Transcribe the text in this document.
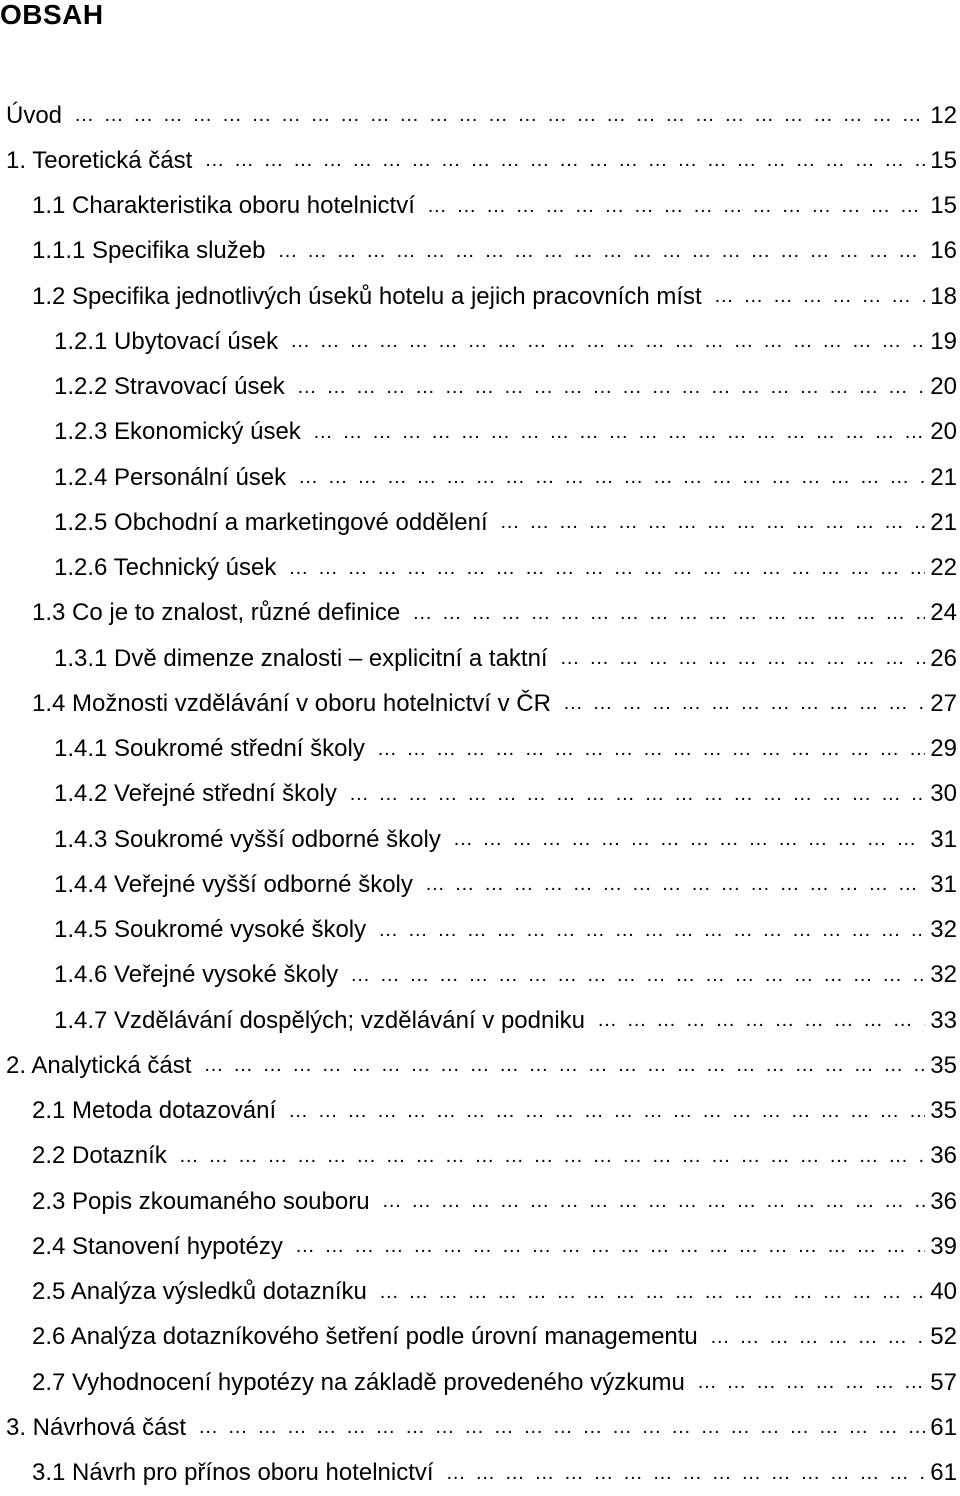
OBSAH
Úvod … … … … … … … … … … … … … … … … … … … … … … … … … … … … … … … … … … … … … … … …	12
1. Teoretická část … … … … … … … … … … … … … … … … … … … … … … … … … … … … … … … … … … … … … … … …	15
1.1 Charakteristika oboru hotelnictví … … … … … … … … … … … … … … … … … … … … … … … … … … … … … … … … … … … … … … … …	15
1.1.1 Specifika služeb … … … … … … … … … … … … … … … … … … … … … … … … … … … … … … … … … … … … … … … …	16
1.2 Specifika jednotlivých úseků hotelu a jejich pracovních míst … … … … … … … … … … … … … … … … … … … … … … … … … … … … … … … … … … … … … … … …	18
1.2.1 Ubytovací úsek … … … … … … … … … … … … … … … … … … … … … … … … … … … … … … … … … … … … … … … …	19
1.2.2 Stravovací úsek … … … … … … … … … … … … … … … … … … … … … … … … … … … … … … … … … … … … … … … …	20
1.2.3 Ekonomický úsek … … … … … … … … … … … … … … … … … … … … … … … … … … … … … … … … … … … … … … … …	20
1.2.4 Personální úsek … … … … … … … … … … … … … … … … … … … … … … … … … … … … … … … … … … … … … … … …	21
1.2.5 Obchodní a marketingové oddělení … … … … … … … … … … … … … … … … … … … … … … … … … … … … … … … … … … … … … … … …	21
1.2.6 Technický úsek … … … … … … … … … … … … … … … … … … … … … … … … … … … … … … … … … … … … … … … …	22
1.3 Co je to znalost, různé definice … … … … … … … … … … … … … … … … … … … … … … … … … … … … … … … … … … … … … … … …	24
1.3.1 Dvě dimenze znalosti – explicitní a taktní … … … … … … … … … … … … … … … … … … … … … … … … … … … … … … … … … … … … … … … …	26
1.4 Možnosti vzdělávání v oboru hotelnictví v ČR … … … … … … … … … … … … … … … … … … … … … … … … … … … … … … … … … … … … … … … …	27
1.4.1 Soukromé střední školy … … … … … … … … … … … … … … … … … … … … … … … … … … … … … … … … … … … … … … … …	29
1.4.2 Veřejné střední školy … … … … … … … … … … … … … … … … … … … … … … … … … … … … … … … … … … … … … … … …	30
1.4.3 Soukromé vyšší odborné školy … … … … … … … … … … … … … … … … … … … … … … … … … … … … … … … … … … … … … … … …	31
1.4.4 Veřejné vyšší odborné školy … … … … … … … … … … … … … … … … … … … … … … … … … … … … … … … … … … … … … … … …	31
1.4.5 Soukromé vysoké školy … … … … … … … … … … … … … … … … … … … … … … … … … … … … … … … … … … … … … … … …	32
1.4.6 Veřejné vysoké školy … … … … … … … … … … … … … … … … … … … … … … … … … … … … … … … … … … … … … … … …	32
1.4.7 Vzdělávání dospělých; vzdělávání v podniku … … … … … … … … … … … … … … … … … … … … … … … … … … … … … … … … … … … … … … … …	33
2. Analytická část … … … … … … … … … … … … … … … … … … … … … … … … … … … … … … … … … … … … … … … …	35
2.1 Metoda dotazování … … … … … … … … … … … … … … … … … … … … … … … … … … … … … … … … … … … … … … … …	35
2.2 Dotazník … … … … … … … … … … … … … … … … … … … … … … … … … … … … … … … … … … … … … … … …	36
2.3 Popis zkoumaného souboru … … … … … … … … … … … … … … … … … … … … … … … … … … … … … … … … … … … … … … … …	36
2.4 Stanovení hypotézy … … … … … … … … … … … … … … … … … … … … … … … … … … … … … … … … … … … … … … … …	39
2.5 Analýza výsledků dotazníku … … … … … … … … … … … … … … … … … … … … … … … … … … … … … … … … … … … … … … … …	40
2.6 Analýza dotazníkového šetření podle úrovní managementu … … … … … … … … … … … … … … … … … … … … … … … … … … … … … … … … … … … … … … … …	52
2.7 Vyhodnocení hypotézy na základě provedeného výzkumu … … … … … … … … … … … … … … … … … … … … … … … … … … … … … … … … … … … … … … … …	57
3. Návrhová část … … … … … … … … … … … … … … … … … … … … … … … … … … … … … … … … … … … … … … … …	61
3.1 Návrh pro přínos oboru hotelnictví … … … … … … … … … … … … … … … … … … … … … … … … … … … … … … … … … … … … … … … …	61
